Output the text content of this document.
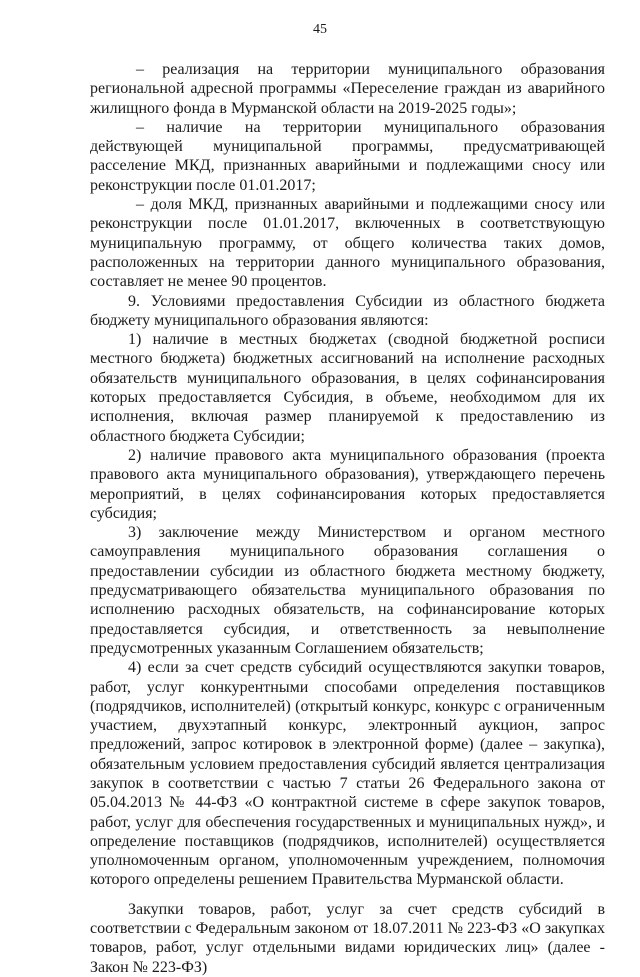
45

– реализация на территории муниципального образования региональной адресной программы «Переселение граждан из аварийного жилищного фонда в Мурманской области на 2019-2025 годы»;

– наличие на территории муниципального образования действующей муниципальной программы, предусматривающей расселение МКД, признанных аварийными и подлежащими сносу или реконструкции после 01.01.2017;

– доля МКД, признанных аварийными и подлежащими сносу или реконструкции после 01.01.2017, включенных в соответствующую муниципальную программу, от общего количества таких домов, расположенных на территории данного муниципального образования, составляет не менее 90 процентов.

9. Условиями предоставления Субсидии из областного бюджета бюджету муниципального образования являются:

1) наличие в местных бюджетах (сводной бюджетной росписи местного бюджета) бюджетных ассигнований на исполнение расходных обязательств муниципального образования, в целях софинансирования которых предоставляется Субсидия, в объеме, необходимом для их исполнения, включая размер планируемой к предоставлению из областного бюджета Субсидии;

2) наличие правового акта муниципального образования (проекта правового акта муниципального образования), утверждающего перечень мероприятий, в целях софинансирования которых предоставляется субсидия;

3) заключение между Министерством и органом местного самоуправления муниципального образования соглашения о предоставлении субсидии из областного бюджета местному бюджету, предусматривающего обязательства муниципального образования по исполнению расходных обязательств, на софинансирование которых предоставляется субсидия, и ответственность за невыполнение предусмотренных указанным Соглашением обязательств;

4) если за счет средств субсидий осуществляются закупки товаров, работ, услуг конкурентными способами определения поставщиков (подрядчиков, исполнителей) (открытый конкурс, конкурс с ограниченным участием, двухэтапный конкурс, электронный аукцион, запрос предложений, запрос котировок в электронной форме) (далее – закупка), обязательным условием предоставления субсидий является централизация закупок в соответствии с частью 7 статьи 26 Федерального закона от 05.04.2013 № 44-ФЗ «О контрактной системе в сфере закупок товаров, работ, услуг для обеспечения государственных и муниципальных нужд», и определение поставщиков (подрядчиков, исполнителей) осуществляется уполномоченным органом, уполномоченным учреждением, полномочия которого определены решением Правительства Мурманской области.

Закупки товаров, работ, услуг за счет средств субсидий в соответствии с Федеральным законом от 18.07.2011 № 223-ФЗ «О закупках товаров, работ, услуг отдельными видами юридических лиц» (далее - Закон № 223-ФЗ)
